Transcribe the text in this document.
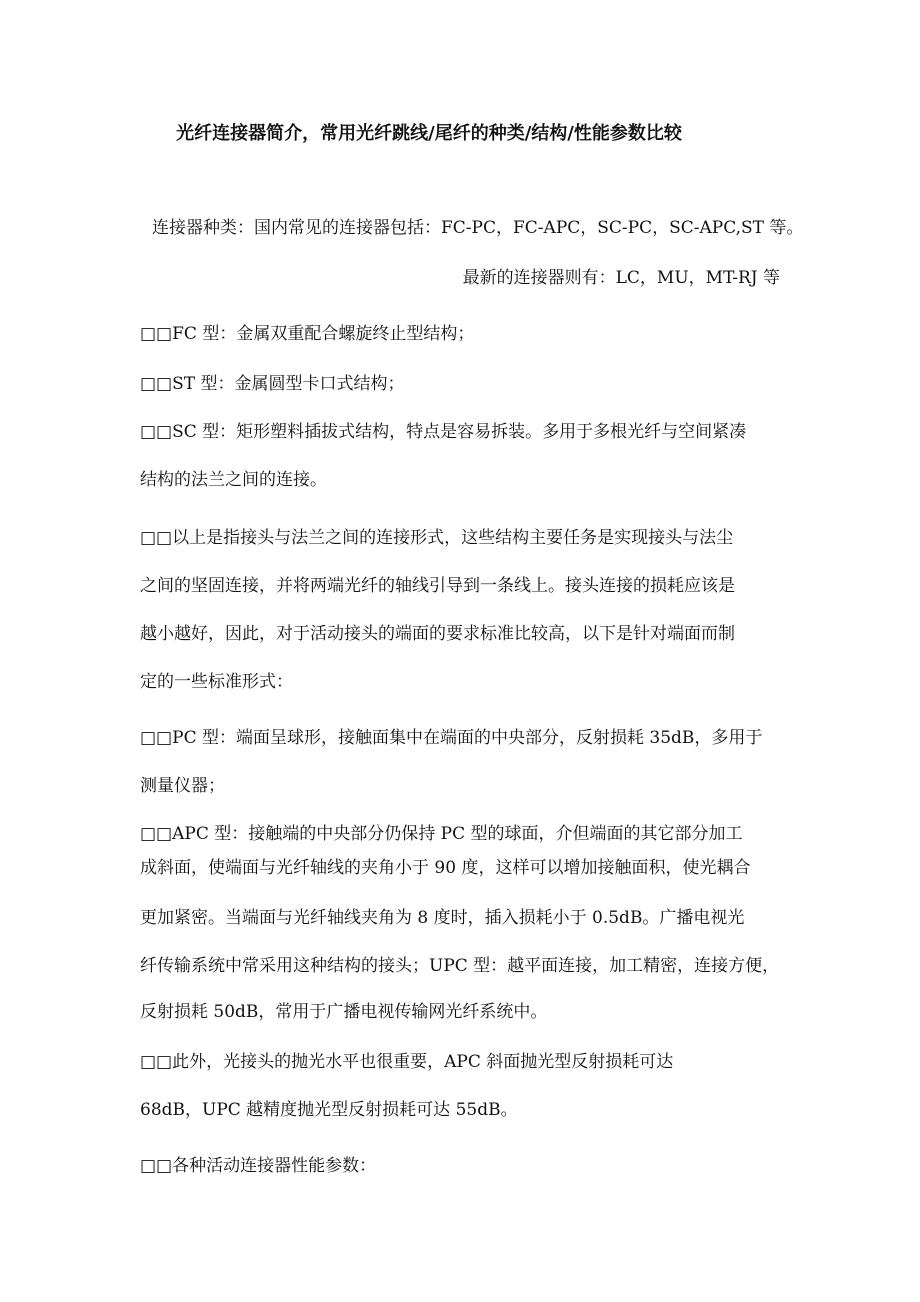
光纤连接器简介，常用光纤跳线/尾纤的种类/结构/性能参数比较
连接器种类：国内常见的连接器包括：FC-PC，FC-APC，SC-PC，SC-APC,ST 等。
最新的连接器则有：LC，MU，MT-RJ 等
□□FC 型：金属双重配合螺旋终止型结构；
□□ST 型：金属圆型卡口式结构；
□□SC 型：矩形塑料插拔式结构，特点是容易拆装。多用于多根光纤与空间紧凑
结构的法兰之间的连接。
□□以上是指接头与法兰之间的连接形式，这些结构主要任务是实现接头与法尘
之间的坚固连接，并将两端光纤的轴线引导到一条线上。接头连接的损耗应该是
越小越好，因此，对于活动接头的端面的要求标准比较高，以下是针对端面而制
定的一些标准形式：
□□PC 型：端面呈球形，接触面集中在端面的中央部分，反射损耗 35dB，多用于
测量仪器；
□□APC 型：接触端的中央部分仍保持 PC 型的球面，介但端面的其它部分加工
成斜面，使端面与光纤轴线的夹角小于 90 度，这样可以增加接触面积，使光耦合
更加紧密。当端面与光纤轴线夹角为 8 度时，插入损耗小于 0.5dB。广播电视光
纤传输系统中常采用这种结构的接头；UPC 型：越平面连接，加工精密，连接方便，
反射损耗 50dB，常用于广播电视传输网光纤系统中。
□□此外，光接头的抛光水平也很重要，APC 斜面抛光型反射损耗可达
68dB，UPC 越精度抛光型反射损耗可达 55dB。
□□各种活动连接器性能参数：
